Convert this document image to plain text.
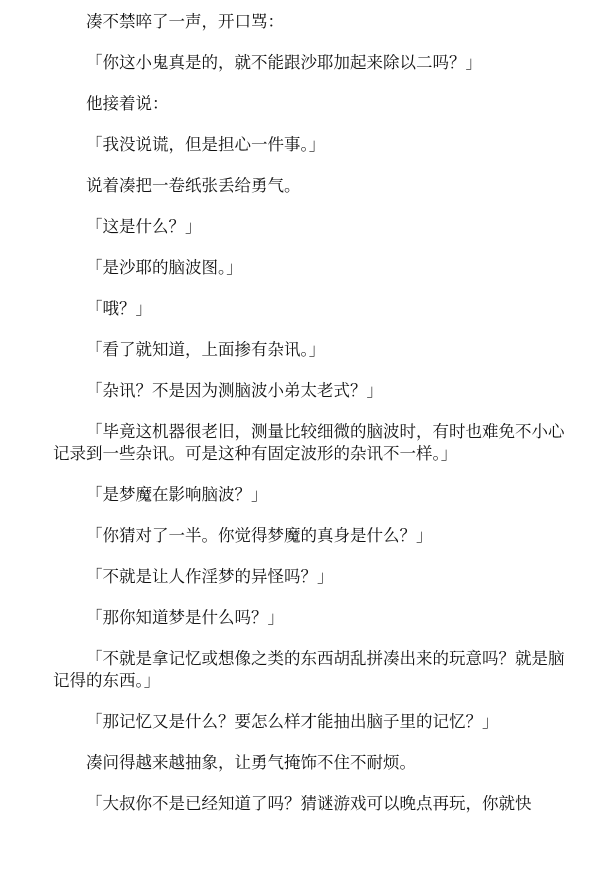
凑不禁啐了一声，开口骂：

「你这小鬼真是的，就不能跟沙耶加起来除以二吗？」

他接着说：

「我没说谎，但是担心一件事。」

说着凑把一卷纸张丢给勇气。

「这是什么？」

「是沙耶的脑波图。」

「哦？」

「看了就知道，上面掺有杂讯。」

「杂讯？不是因为测脑波小弟太老式？」

「毕竟这机器很老旧，测量比较细微的脑波时，有时也难免不小心记录到一些杂讯。可是这种有固定波形的杂讯不一样。」

「是梦魔在影响脑波？」

「你猜对了一半。你觉得梦魔的真身是什么？」

「不就是让人作淫梦的异怪吗？」

「那你知道梦是什么吗？」

「不就是拿记忆或想像之类的东西胡乱拼凑出来的玩意吗？就是脑记得的东西。」

「那记忆又是什么？要怎么样才能抽出脑子里的记忆？」

凑问得越来越抽象，让勇气掩饰不住不耐烦。

「大叔你不是已经知道了吗？猜谜游戏可以晚点再玩，你就快
